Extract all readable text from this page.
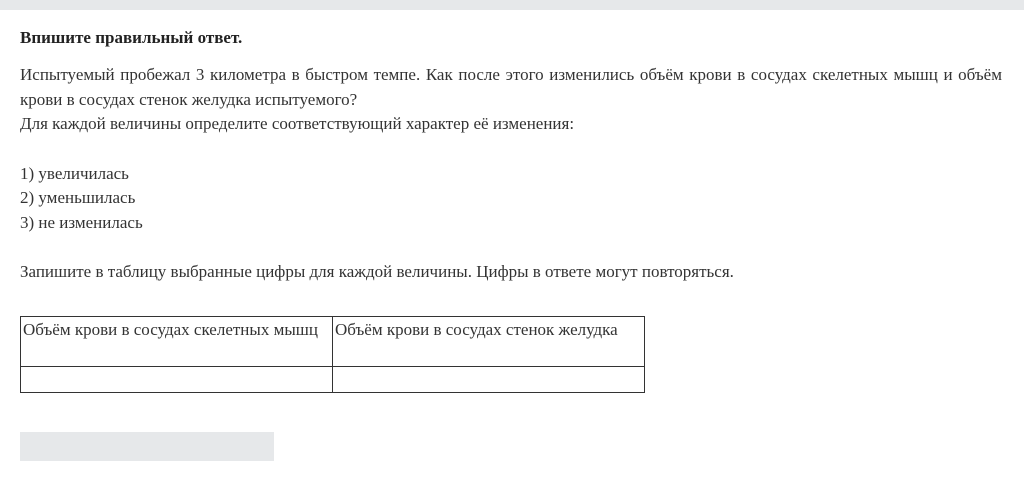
Впишите правильный ответ.

Испытуемый пробежал 3 километра в быстром темпе. Как после этого изменились объём крови в сосудах скелетных мышц и объём крови в сосудах стенок желудка испытуемого?

Для каждой величины определите соответствующий характер её изменения:

1) увеличилась
2) уменьшилась
3) не изменилась
Запишите в таблицу выбранные цифры для каждой величины. Цифры в ответе могут повторяться.
Объём крови в сосудах скелетных мышц	Объём крови в сосудах стенок желудка
